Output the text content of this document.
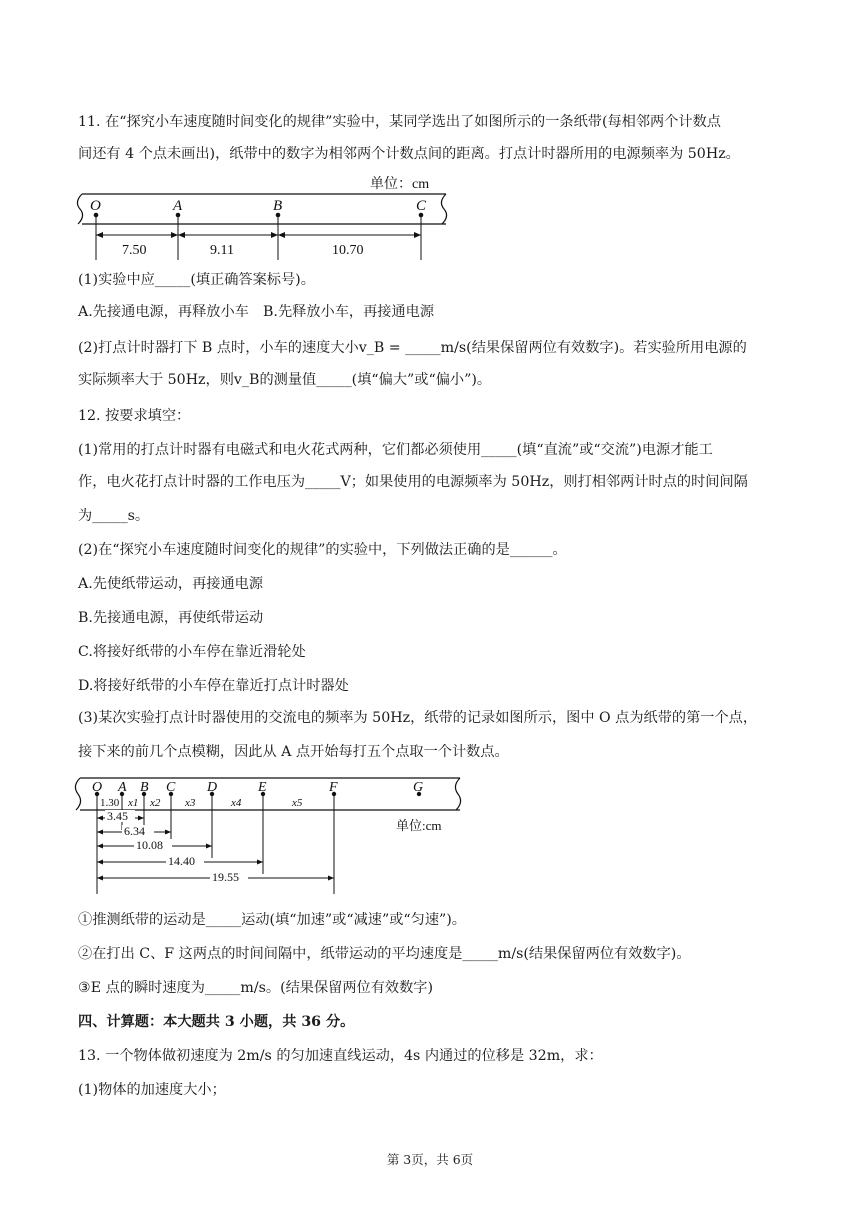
11. 在“探究小车速度随时间变化的规律”实验中，某同学选出了如图所示的一条纸带(每相邻两个计数点
间还有 4 个点未画出)，纸带中的数字为相邻两个计数点间的距离。打点计时器所用的电源频率为 50Hz。
单位：cm
O	A	B	C
7.50	9.11	10.70
(1)实验中应_____(填正确答案标号)。
A.先接通电源，再释放小车　B.先释放小车，再接通电源
(2)打点计时器打下 B 点时，小车的速度大小v_B = _____m/s(结果保留两位有效数字)。若实验所用电源的
实际频率大于 50Hz，则v_B的测量值_____(填“偏大”或“偏小”)。
12. 按要求填空：
(1)常用的打点计时器有电磁式和电火花式两种，它们都必须使用_____(填“直流”或“交流”)电源才能工
作，电火花打点计时器的工作电压为_____V；如果使用的电源频率为 50Hz，则打相邻两计时点的时间间隔
为_____s。
(2)在“探究小车速度随时间变化的规律”的实验中，下列做法正确的是______。
A.先使纸带运动，再接通电源
B.先接通电源，再使纸带运动
C.将接好纸带的小车停在靠近滑轮处
D.将接好纸带的小车停在靠近打点计时器处
(3)某次实验打点计时器使用的交流电的频率为 50Hz，纸带的记录如图所示，图中 O 点为纸带的第一个点，
接下来的前几个点模糊，因此从 A 点开始每打五个点取一个计数点。
O A B C D	E	F	G
1.30 x1 x2 x3	x4	x5
3.45
6.34
10.08
14.40
19.55
单位:cm
①推测纸带的运动是_____运动(填“加速”或“减速”或“匀速”)。
②在打出 C、F 这两点的时间间隔中，纸带运动的平均速度是_____m/s(结果保留两位有效数字)。
③E 点的瞬时速度为_____m/s。(结果保留两位有效数字)
四、计算题：本大题共 3 小题，共 36 分。
13. 一个物体做初速度为 2m/s 的匀加速直线运动，4s 内通过的位移是 32m，求：
(1)物体的加速度大小；
第 3页，共 6页
